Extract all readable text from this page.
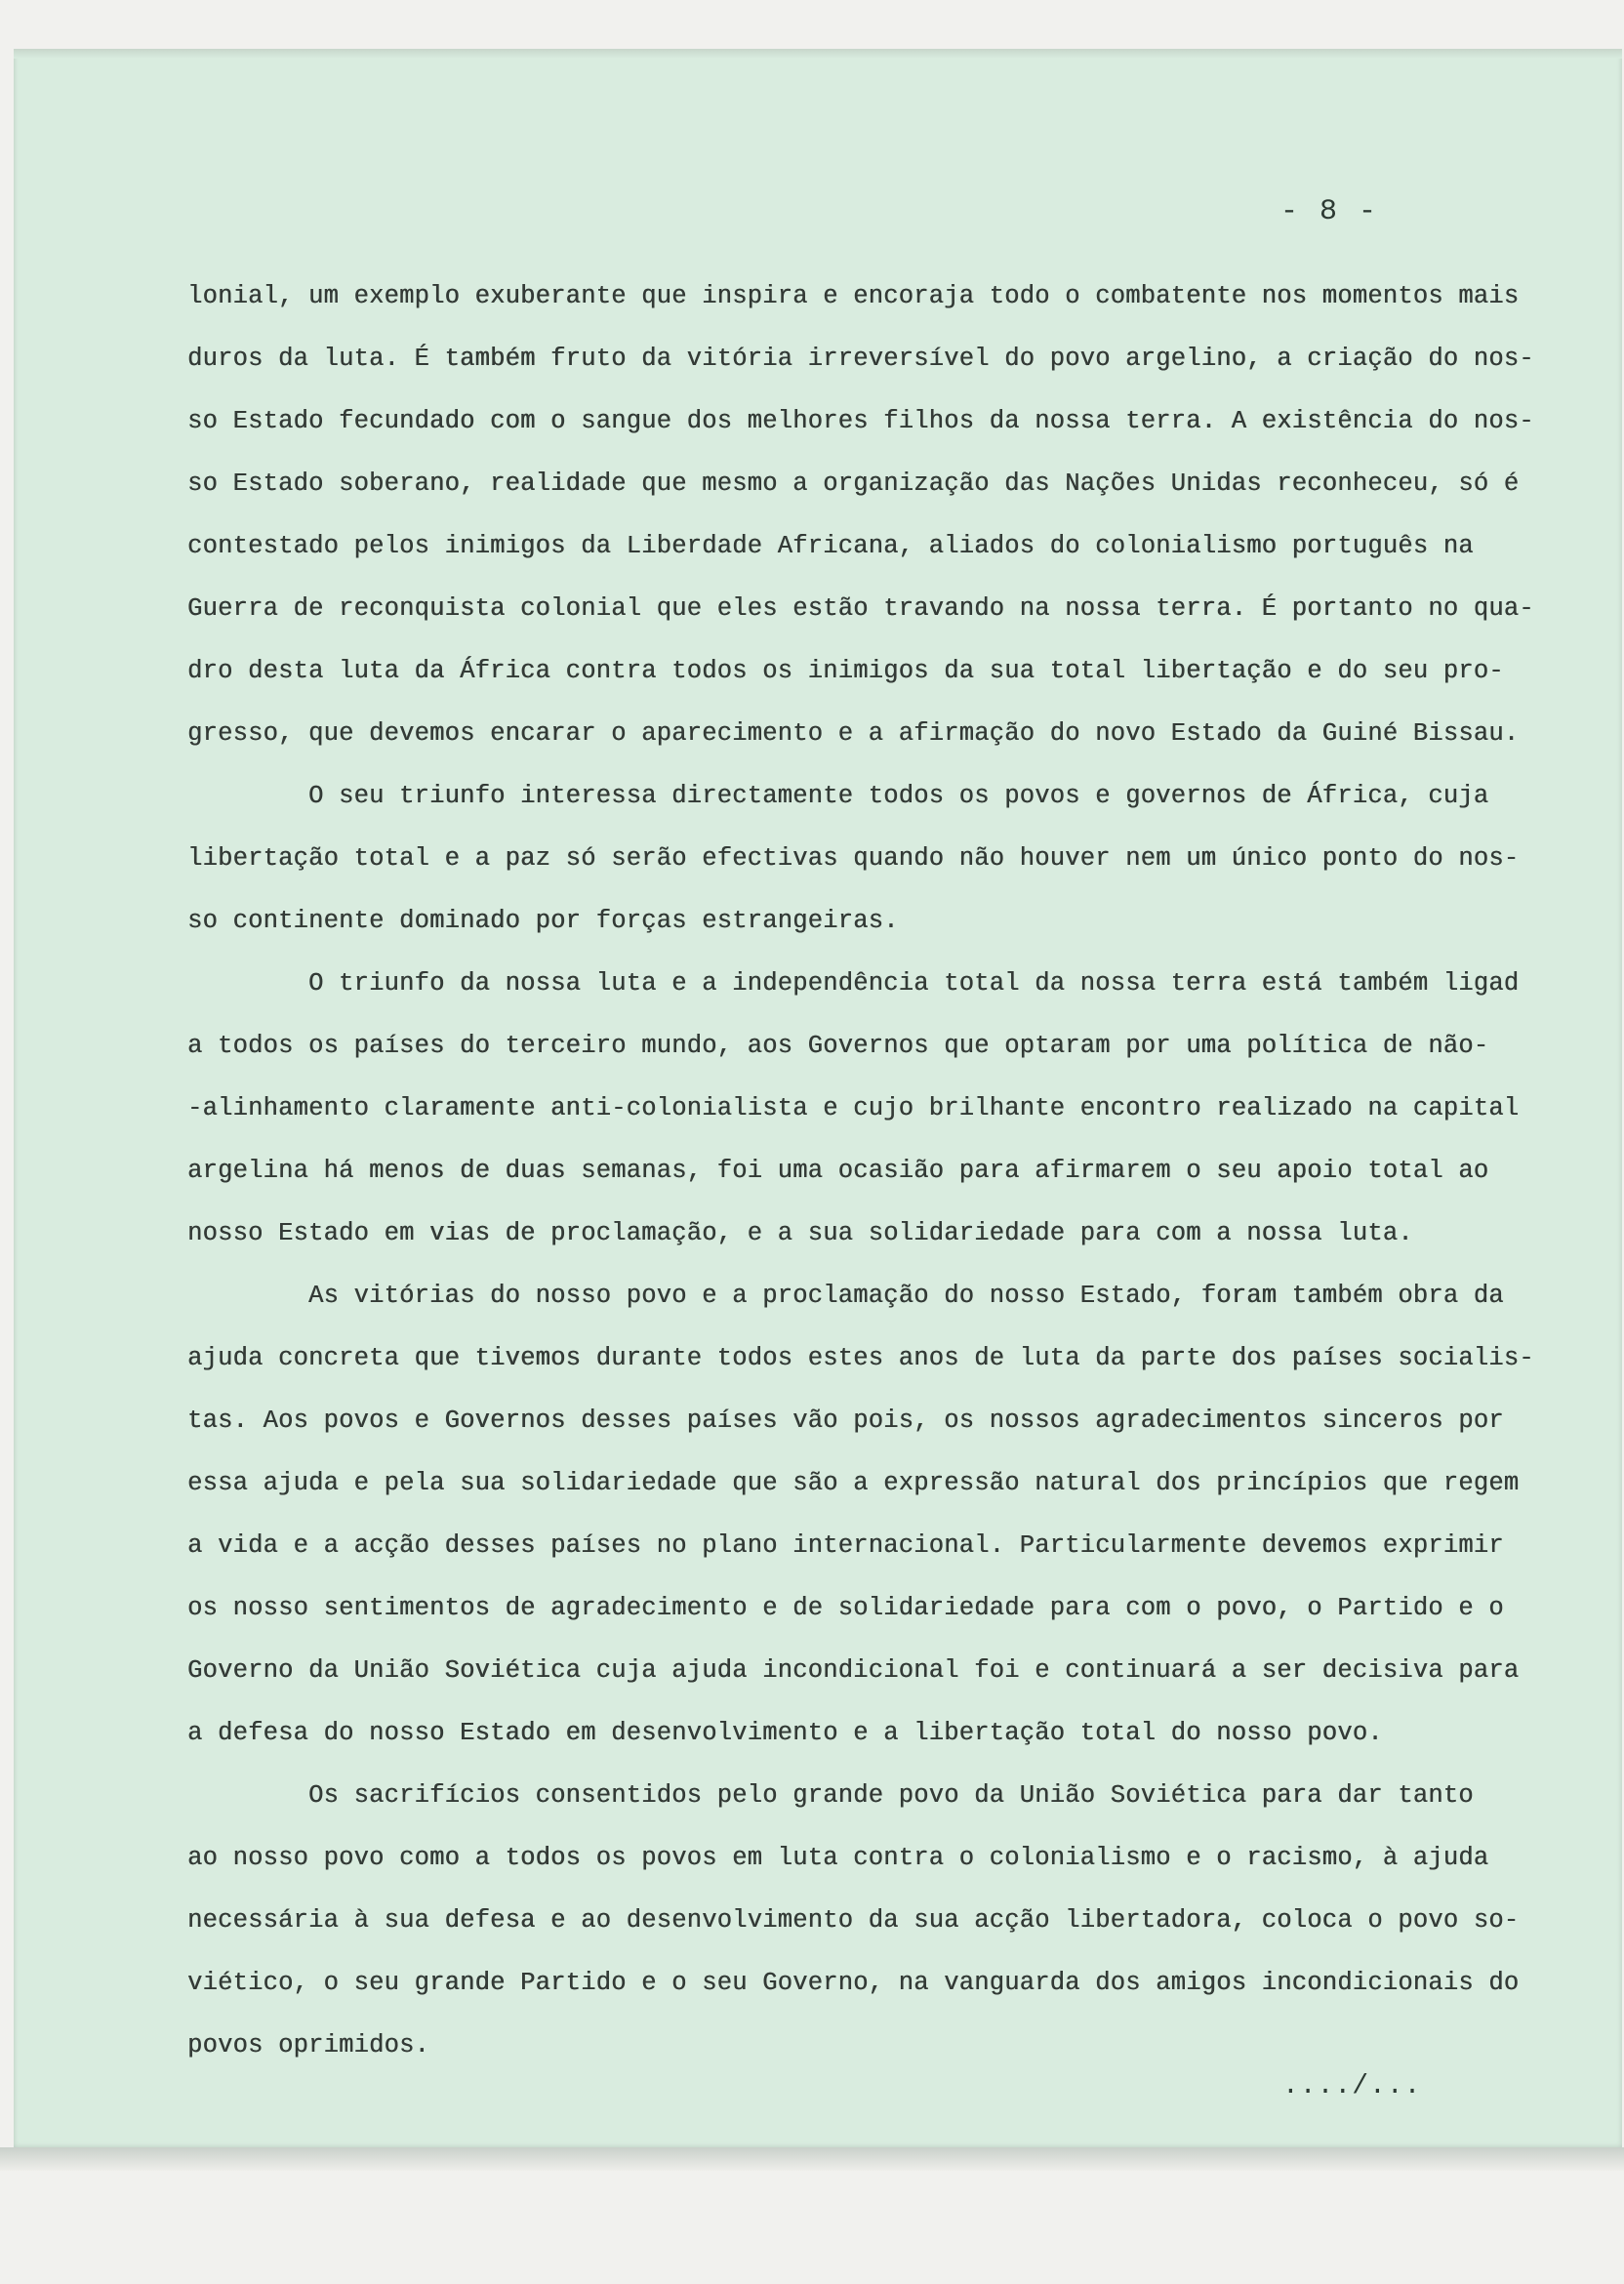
- 8 -
lonial, um exemplo exuberante que inspira e encoraja todo o combatente nos momentos mais
duros da luta. É também fruto da vitória irreversível do povo argelino, a criação do nos-
so Estado fecundado com o sangue dos melhores filhos da nossa terra. A existência do nos-
so Estado soberano, realidade que mesmo a organização das Nações Unidas reconheceu, só é
contestado pelos inimigos da Liberdade Africana, aliados do colonialismo português na
Guerra de reconquista colonial que eles estão travando na nossa terra. É portanto no qua-
dro desta luta da África contra todos os inimigos da sua total libertação e do seu pro-
gresso, que devemos encarar o aparecimento e a afirmação do novo Estado da Guiné Bissau.
O seu triunfo interessa directamente todos os povos e governos de África, cuja
libertação total e a paz só serão efectivas quando não houver nem um único ponto do nos-
so continente dominado por forças estrangeiras.
O triunfo da nossa luta e a independência total da nossa terra está também ligad
a todos os países do terceiro mundo, aos Governos que optaram por uma política de não-
-alinhamento claramente anti-colonialista e cujo brilhante encontro realizado na capital
argelina há menos de duas semanas, foi uma ocasião para afirmarem o seu apoio total ao
nosso Estado em vias de proclamação, e a sua solidariedade para com a nossa luta.
As vitórias do nosso povo e a proclamação do nosso Estado, foram também obra da
ajuda concreta que tivemos durante todos estes anos de luta da parte dos países socialis-
tas. Aos povos e Governos desses países vão pois, os nossos agradecimentos sinceros por
essa ajuda e pela sua solidariedade que são a expressão natural dos princípios que regem
a vida e a acção desses países no plano internacional. Particularmente devemos exprimir
os nosso sentimentos de agradecimento e de solidariedade para com o povo, o Partido e o
Governo da União Soviética cuja ajuda incondicional foi e continuará a ser decisiva para
a defesa do nosso Estado em desenvolvimento e a libertação total do nosso povo.
Os sacrifícios consentidos pelo grande povo da União Soviética para dar tanto
ao nosso povo como a todos os povos em luta contra o colonialismo e o racismo, à ajuda
necessária à sua defesa e ao desenvolvimento da sua acção libertadora, coloca o povo so-
viético, o seu grande Partido e o seu Governo, na vanguarda dos amigos incondicionais do
povos oprimidos.
..../...
